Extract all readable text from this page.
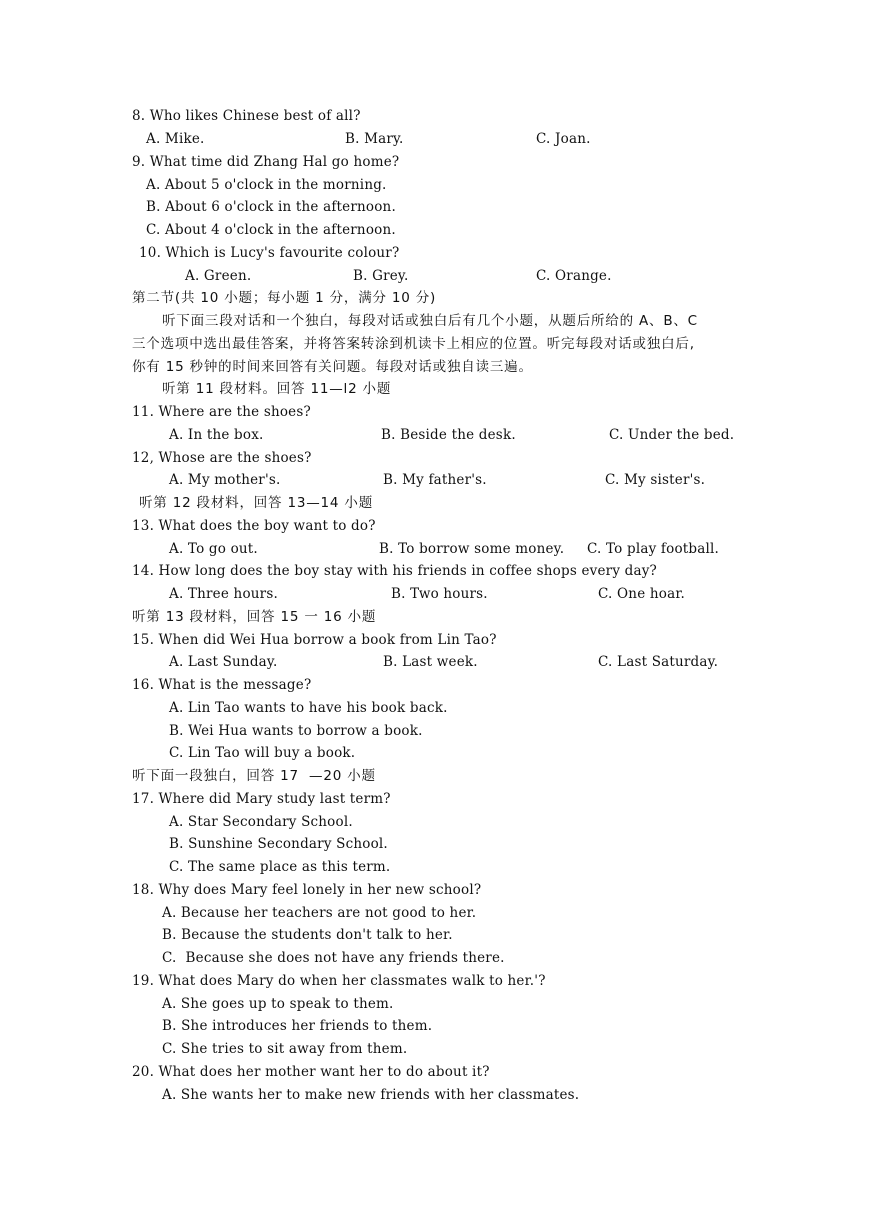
8. Who likes Chinese best of all?
A. Mike.	B. Mary.	C. Joan.
9. What time did Zhang Hal go home?
A. About 5 o'clock in the morning.
B. About 6 o'clock in the afternoon.
C. About 4 o'clock in the afternoon.
10. Which is Lucy's favourite colour?
A. Green.	B. Grey.	C. Orange.
第二节(共 10 小题；每小题 1 分，满分 10 分)
听下面三段对话和一个独白，每段对话或独白后有几个小题，从题后所给的 A、B、C
三个选项中选出最佳答案，并将答案转涂到机读卡上相应的位置。听完每段对话或独白后,
你有 15 秒钟的时间来回答有关问题。每段对话或独自读三遍。
听第 11 段材料。回答 11—l2 小题
11. Where are the shoes?
A. In the box.	B. Beside the desk.	C. Under the bed.
12, Whose are the shoes?
A. My mother's.	B. My father's.	C. My sister's.
听第 12 段材料，回答 13—14 小题
13. What does the boy want to do?
A. To go out.	B. To borrow some money. C. To play football.
14. How long does the boy stay with his friends in coffee shops every day?
A. Three hours.	B. Two hours.	C. One hoar.
听第 13 段材料，回答 15 一 16 小题
15. When did Wei Hua borrow a book from Lin Tao?
A. Last Sunday.	B. Last week.	C. Last Saturday.
16. What is the message?
A. Lin Tao wants to have his book back.
B. Wei Hua wants to borrow a book.
C. Lin Tao will buy a book.
听下面一段独白，回答 17  —20 小题
17. Where did Mary study last term?
A. Star Secondary School.
B. Sunshine Secondary School.
C. The same place as this term.
18. Why does Mary feel lonely in her new school?
A. Because her teachers are not good to her.
B. Because the students don't talk to her.
C.  Because she does not have any friends there.
19. What does Mary do when her classmates walk to her.'?
A. She goes up to speak to them.
B. She introduces her friends to them.
C. She tries to sit away from them.
20. What does her mother want her to do about it?
A. She wants her to make new friends with her classmates.
